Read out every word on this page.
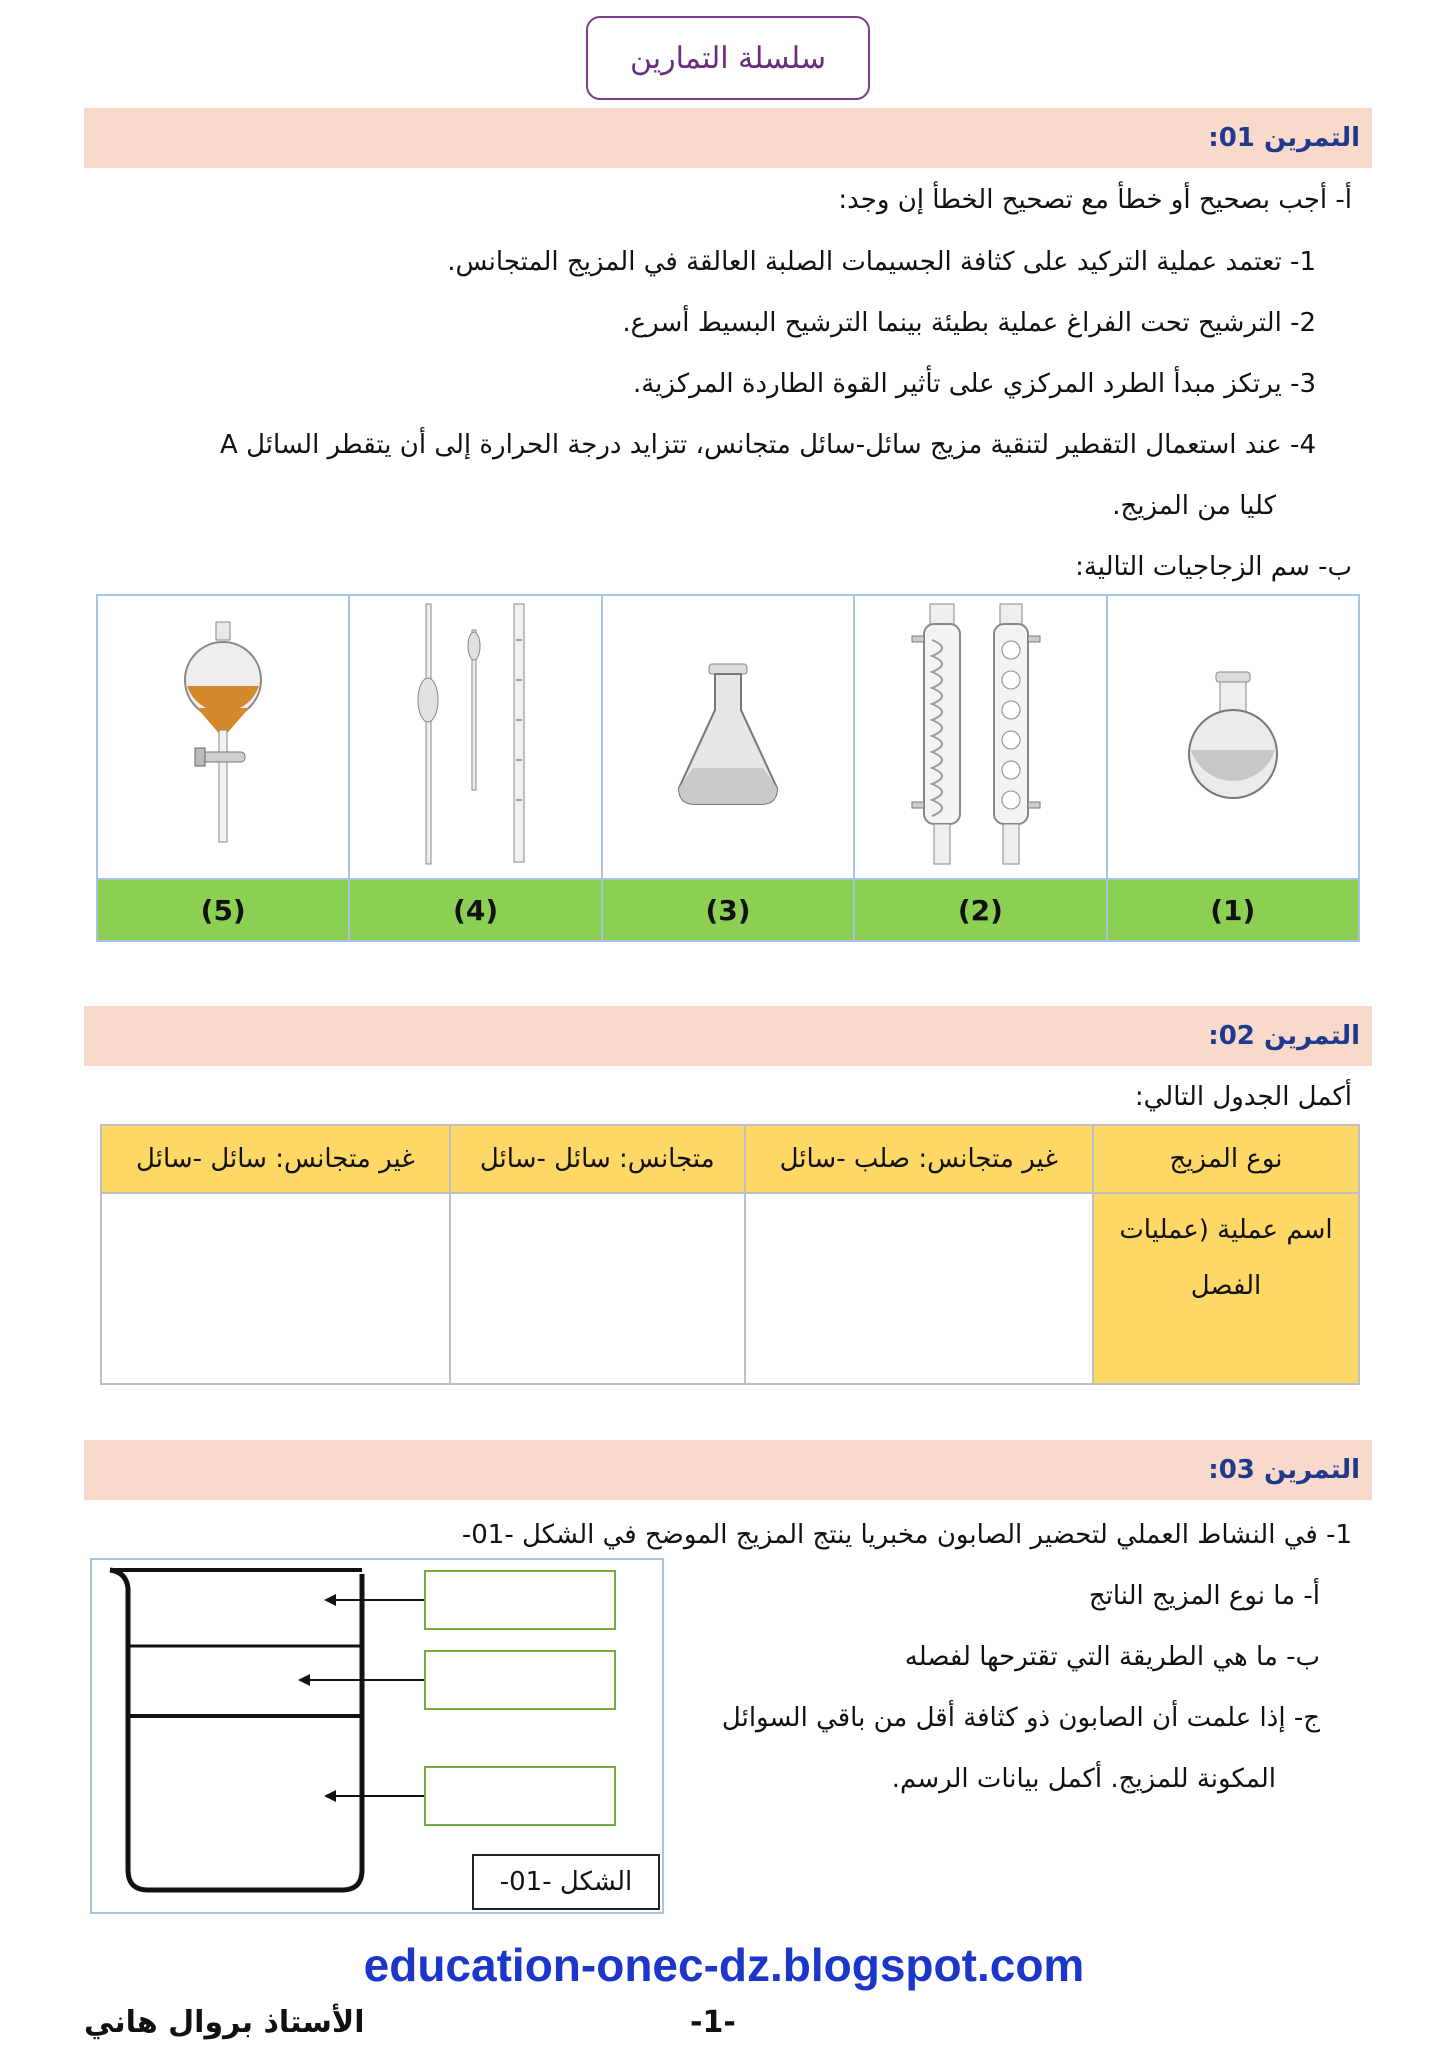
سلسلة التمارين
التمرين 01:
أ- أجب بصحيح أو خطأ مع تصحيح الخطأ إن وجد:
1- تعتمد عملية التركيد على كثافة الجسيمات الصلبة العالقة في المزيج المتجانس.
2- الترشيح تحت الفراغ عملية بطيئة بينما الترشيح البسيط أسرع.
3- يرتكز مبدأ الطرد المركزي على تأثير القوة الطاردة المركزية.
4- عند استعمال التقطير لتنقية مزيج سائل-سائل متجانس، تتزايد درجة الحرارة إلى أن يتقطر السائل A
كليا من المزيج.
ب- سم الزجاجيات التالية:

(5)	(4)	(3)	(2)	(1)
التمرين 02:
أكمل الجدول التالي:
نوع المزيج	غير متجانس: صلب -سائل	متجانس: سائل -سائل	غير متجانس: سائل -سائل

اسم عملية (عمليات
الفصل			

التمرين 03:
1- في النشاط العملي لتحضير الصابون مخبريا ينتج المزيج الموضح في الشكل -01-
أ- ما نوع المزيج الناتج
ب- ما هي الطريقة التي تقترحها لفصله
ج- إذا علمت أن الصابون ذو كثافة أقل من باقي السوائل
المكونة للمزيج. أكمل بيانات الرسم.
الشكل -01-
education-onec-dz.blogspot.com
-1-
الأستاذ بروال هاني
